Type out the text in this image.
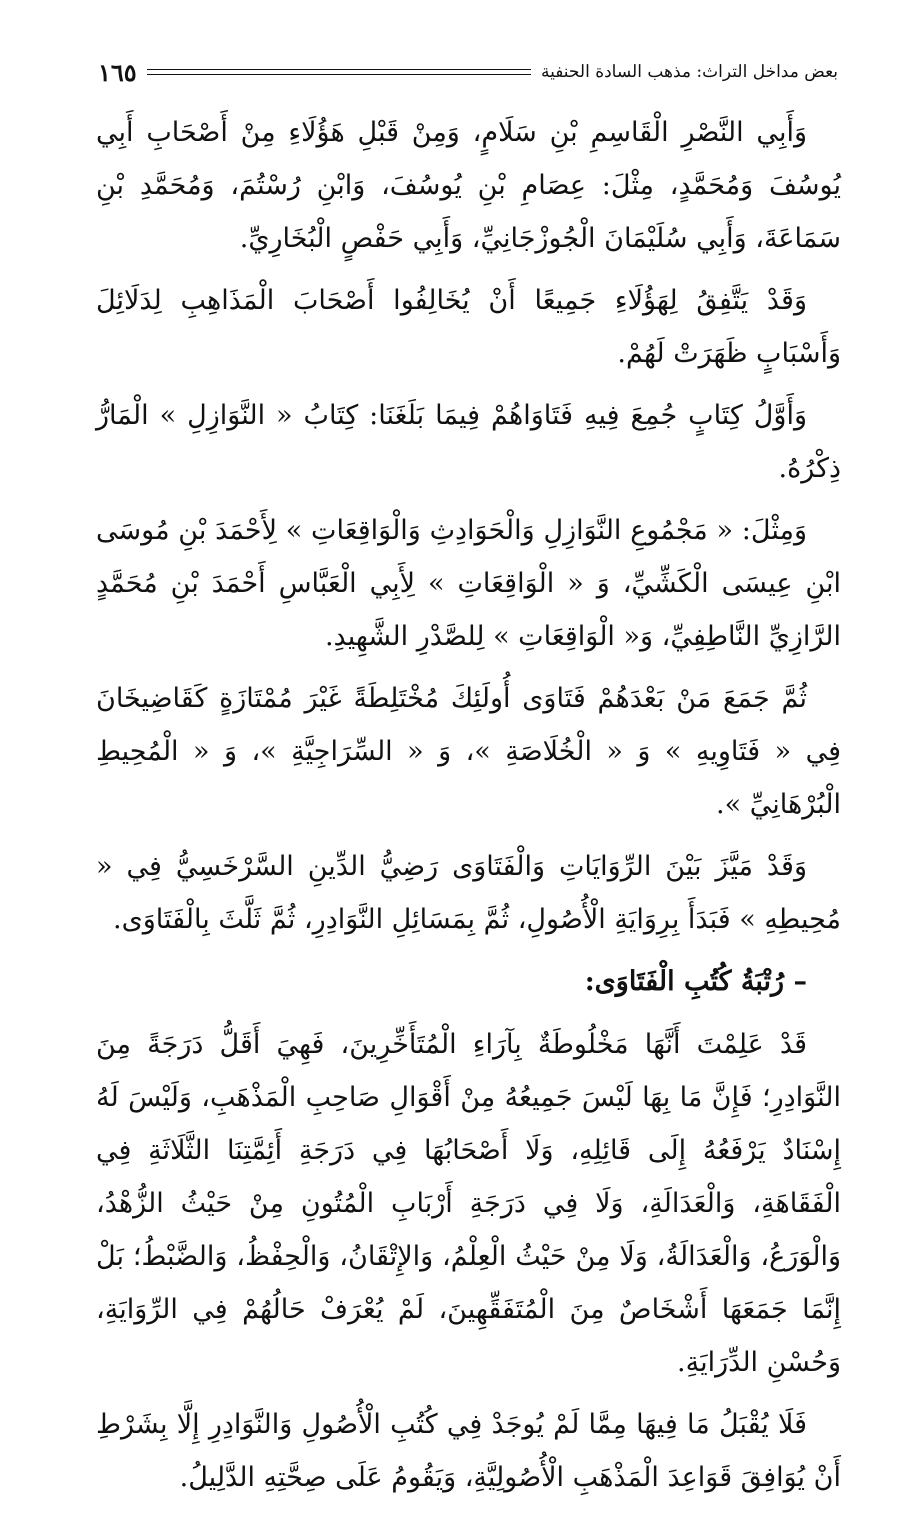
بعض مداخل التراث: مذهب السادة الحنفية
١٦٥

وَأَبِي النَّصْرِ الْقَاسِمِ بْنِ سَلَامٍ، وَمِنْ قَبْلِ هَؤُلَاءِ مِنْ أَصْحَابِ أَبِي يُوسُفَ وَمُحَمَّدٍ، مِثْلَ: عِصَامِ بْنِ يُوسُفَ، وَابْنِ رُسْتُمَ، وَمُحَمَّدِ بْنِ سَمَاعَةَ، وَأَبِي سُلَيْمَانَ الْجُوزْجَانِيِّ، وَأَبِي حَفْصٍ الْبُخَارِيِّ.

وَقَدْ يَتَّفِقُ لِهَؤُلَاءِ جَمِيعًا أَنْ يُخَالِفُوا أَصْحَابَ الْمَذَاهِبِ لِدَلَائِلَ وَأَسْبَابٍ ظَهَرَتْ لَهُمْ.

وَأَوَّلُ كِتَابٍ جُمِعَ فِيهِ فَتَاوَاهُمْ فِيمَا بَلَغَنَا: كِتَابُ « النَّوَازِلِ » الْمَارُّ ذِكْرُهُ.

وَمِثْلَ: « مَجْمُوعِ النَّوَازِلِ وَالْحَوَادِثِ وَالْوَاقِعَاتِ » لِأَحْمَدَ بْنِ مُوسَى ابْنِ عِيسَى الْكَشِّيِّ، وَ « الْوَاقِعَاتِ » لِأَبِي الْعَبَّاسِ أَحْمَدَ بْنِ مُحَمَّدٍ الرَّازِيِّ النَّاطِفِيِّ، وَ« الْوَاقِعَاتِ » لِلصَّدْرِ الشَّهِيدِ.

ثُمَّ جَمَعَ مَنْ بَعْدَهُمْ فَتَاوَى أُولَئِكَ مُخْتَلِطَةً غَيْرَ مُمْتَازَةٍ كَقَاضِيخَانَ فِي « فَتَاوِيهِ » وَ « الْخُلَاصَةِ »، وَ « السِّرَاجِيَّةِ »، وَ « الْمُحِيطِ الْبُرْهَانِيِّ ».

وَقَدْ مَيَّزَ بَيْنَ الرِّوَايَاتِ وَالْفَتَاوَى رَضِيُّ الدِّينِ السَّرْخَسِيُّ فِي « مُحِيطِهِ » فَبَدَأَ بِرِوَايَةِ الْأُصُولِ، ثُمَّ بِمَسَائِلِ النَّوَادِرِ، ثُمَّ ثَلَّثَ بِالْفَتَاوَى.

– رُتْبَةُ كُتُبِ الْفَتَاوَى:

قَدْ عَلِمْتَ أَنَّهَا مَخْلُوطَةٌ بِآرَاءِ الْمُتَأَخِّرِينَ، فَهِيَ أَقَلُّ دَرَجَةً مِنَ النَّوَادِرِ؛ فَإِنَّ مَا بِهَا لَيْسَ جَمِيعُهُ مِنْ أَقْوَالِ صَاحِبِ الْمَذْهَبِ، وَلَيْسَ لَهُ إِسْنَادٌ يَرْفَعُهُ إِلَى قَائِلِهِ، وَلَا أَصْحَابُهَا فِي دَرَجَةِ أَئِمَّتِنَا الثَّلَاثَةِ فِي الْفَقَاهَةِ، وَالْعَدَالَةِ، وَلَا فِي دَرَجَةِ أَرْبَابِ الْمُتُونِ مِنْ حَيْثُ الزُّهْدُ، وَالْوَرَعُ، وَالْعَدَالَةُ، وَلَا مِنْ حَيْثُ الْعِلْمُ، وَالإِتْقَانُ، وَالْحِفْظُ، وَالضَّبْطُ؛ بَلْ إِنَّمَا جَمَعَهَا أَشْخَاصٌ مِنَ الْمُتَفَقِّهِينَ، لَمْ يُعْرَفْ حَالُهُمْ فِي الرِّوَايَةِ، وَحُسْنِ الدِّرَايَةِ.

فَلَا يُقْبَلُ مَا فِيهَا مِمَّا لَمْ يُوجَدْ فِي كُتُبِ الْأُصُولِ وَالنَّوَادِرِ إِلَّا بِشَرْطِ أَنْ يُوَافِقَ قَوَاعِدَ الْمَذْهَبِ الْأُصُولِيَّةِ، وَيَقُومُ عَلَى صِحَّتِهِ الدَّلِيلُ.
